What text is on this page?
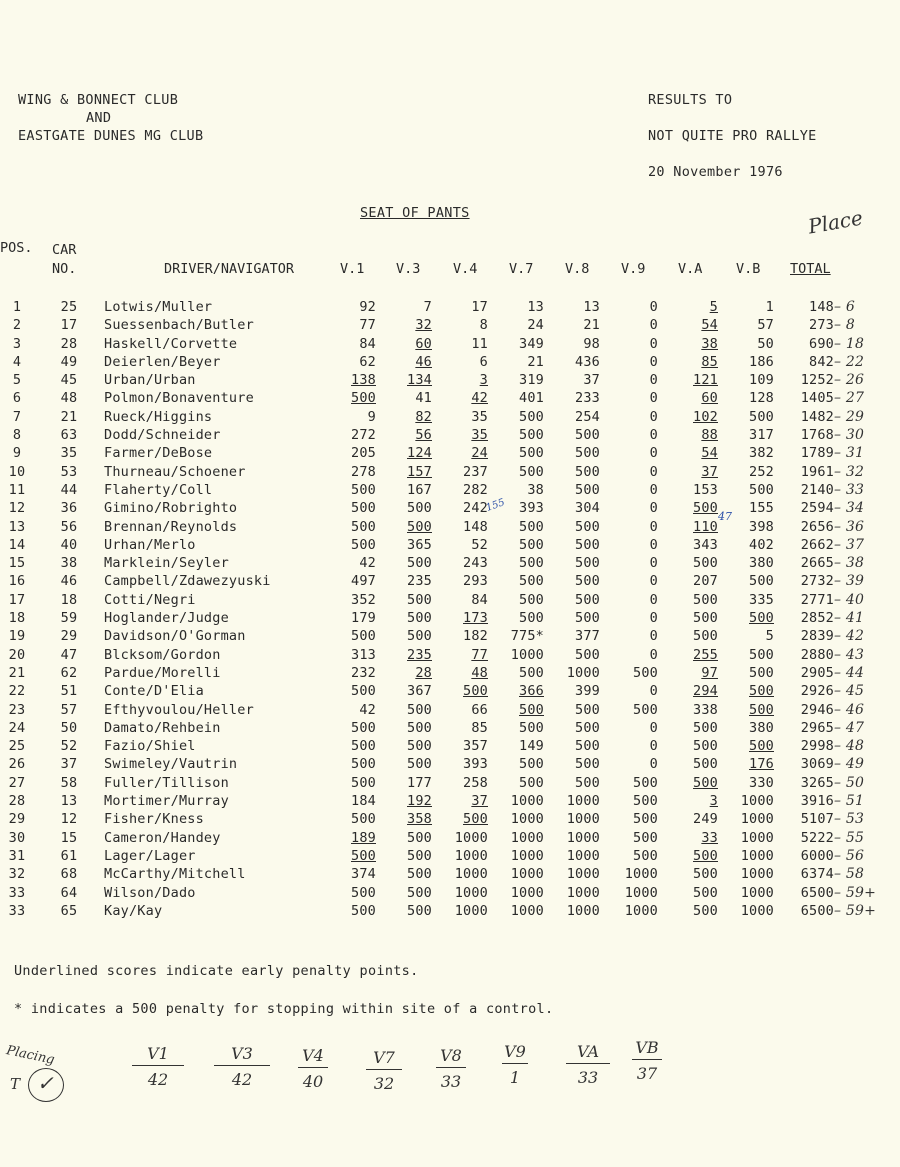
WING & BONNECT CLUB
AND
EASTGATE DUNES MG CLUB
RESULTS TO
NOT QUITE PRO RALLYE
20 November 1976
SEAT OF PANTS	Place
POS. CAR
NO.	DRIVER/NAVIGATOR	V.1 V.3 V.4 V.7 V.8 V.9 V.A V.B TOTAL
1	25	Lotwis/Muller	92	7	17	13	13	0	5	1	148	– 6
2	17	Suessenbach/Butler	77	32	8	24	21	0	54	57	273	– 8
3	28	Haskell/Corvette	84	60	11	349	98	0	38	50	690	– 18
4	49	Deierlen/Beyer	62	46	6	21	436	0	85	186	842	– 22
5	45	Urban/Urban	138	134	3	319	37	0	121	109	1252	– 26
6	48	Polmon/Bonaventure	500	41	42	401	233	0	60	128	1405	– 27
7	21	Rueck/Higgins	9	82	35	500	254	0	102	500	1482	– 29
8	63	Dodd/Schneider	272	56	35	500	500	0	88	317	1768	– 30
9	35	Farmer/DeBose	205	124	24	500	500	0	54	382	1789	– 31
10	53	Thurneau/Schoener	278	157	237	500	500	0	37	252	1961	– 32
11	44	Flaherty/Coll	500	167	282	38	500	0	153	500	2140	– 33
12	36	Gimino/Robrighto	500	500	242	393	304	0	500	155	2594	– 34
13	56	Brennan/Reynolds	500	500	148	500	500	0	110	398	2656	– 36
14	40	Urhan/Merlo	500	365	52	500	500	0	343	402	2662	– 37
15	38	Marklein/Seyler	42	500	243	500	500	0	500	380	2665	– 38
16	46	Campbell/Zdawezyuski	497	235	293	500	500	0	207	500	2732	– 39
17	18	Cotti/Negri	352	500	84	500	500	0	500	335	2771	– 40
18	59	Hoglander/Judge	179	500	173	500	500	0	500	500	2852	– 41
19	29	Davidson/O'Gorman	500	500	182	775*	377	0	500	5	2839	– 42
20	47	Blcksom/Gordon	313	235	77	1000	500	0	255	500	2880	– 43
21	62	Pardue/Morelli	232	28	48	500	1000	500	97	500	2905	– 44
22	51	Conte/D'Elia	500	367	500	366	399	0	294	500	2926	– 45
23	57	Efthyvoulou/Heller	42	500	66	500	500	500	338	500	2946	– 46
24	50	Damato/Rehbein	500	500	85	500	500	0	500	380	2965	– 47
25	52	Fazio/Shiel	500	500	357	149	500	0	500	500	2998	– 48
26	37	Swimeley/Vautrin	500	500	393	500	500	0	500	176	3069	– 49
27	58	Fuller/Tillison	500	177	258	500	500	500	500	330	3265	– 50
28	13	Mortimer/Murray	184	192	37	1000	1000	500	3	1000	3916	– 51
29	12	Fisher/Kness	500	358	500	1000	1000	500	249	1000	5107	– 53
30	15	Cameron/Handey	189	500	1000	1000	1000	500	33	1000	5222	– 55
31	61	Lager/Lager	500	500	1000	1000	1000	500	500	1000	6000	– 56
32	68	McCarthy/Mitchell	374	500	1000	1000	1000	1000	500	1000	6374	– 58
33	64	Wilson/Dado	500	500	1000	1000	1000	1000	500	1000	6500	– 59+
33	65	Kay/Kay	500	500	1000	1000	1000	1000	500	1000	6500	– 59+
155
47
Underlined scores indicate early penalty points.
* indicates a 500 penalty for stopping within site of a control.
Placing
T ✓	$\frac{V1}{42} \frac{V3}{42} \frac{V4}{40} \frac{V7}{32} \frac{V8}{33} \frac{V9}{1} \frac{VA}{33} \frac{VB}{37}$
